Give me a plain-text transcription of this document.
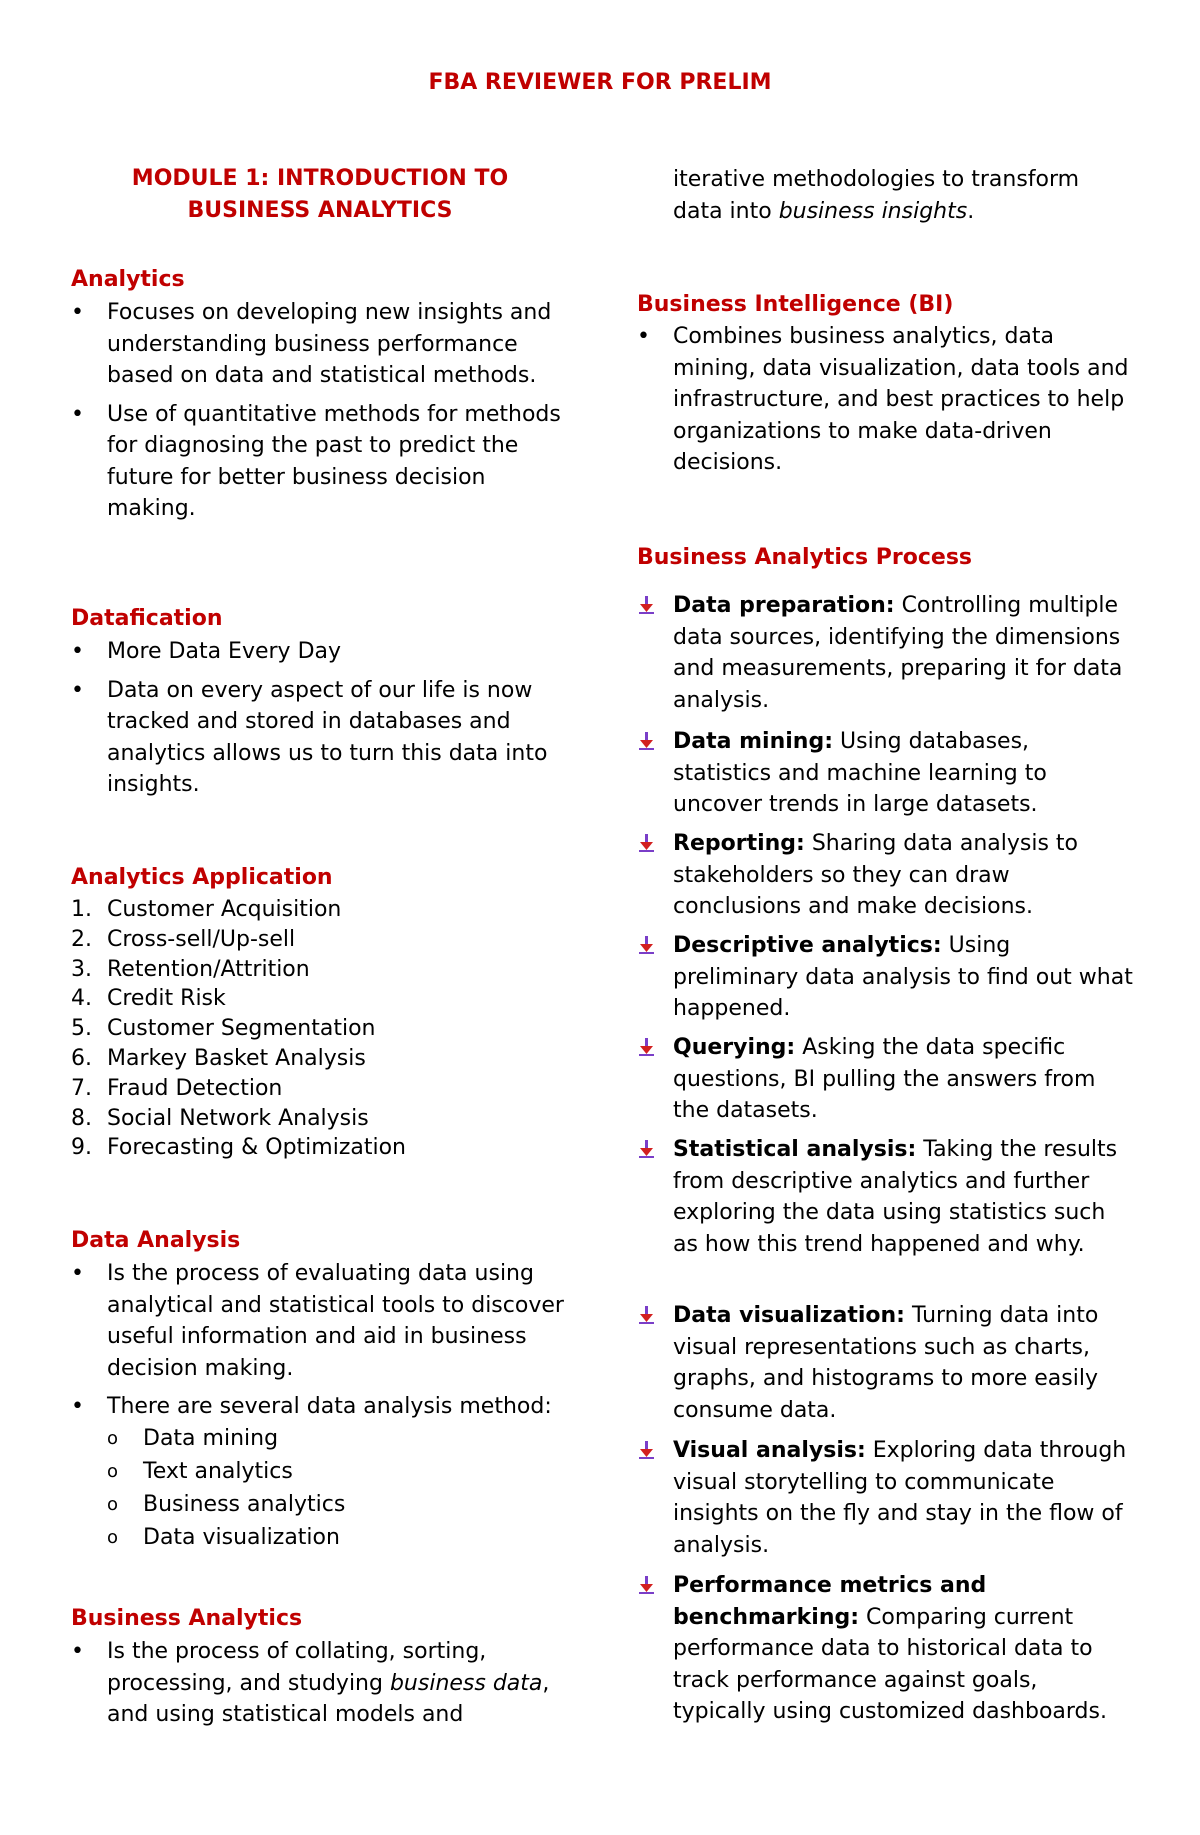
FBA REVIEWER FOR PRELIM
MODULE 1: INTRODUCTION TO
BUSINESS ANALYTICS
Analytics
• Focuses on developing new insights and understanding business performance based on data and statistical methods.
• Use of quantitative methods for methods for diagnosing the past to predict the future for better business decision making.
Datafication
• More Data Every Day
• Data on every aspect of our life is now tracked and stored in databases and analytics allows us to turn this data into insights.
Analytics Application
1. Customer Acquisition
2. Cross-sell/Up-sell
3. Retention/Attrition
4. Credit Risk
5. Customer Segmentation
6. Markey Basket Analysis
7. Fraud Detection
8. Social Network Analysis
9. Forecasting & Optimization
Data Analysis
• Is the process of evaluating data using analytical and statistical tools to discover useful information and aid in business decision making.
• There are several data analysis method:
o Data mining
o Text analytics
o Business analytics
o Data visualization
Business Analytics
• Is the process of collating, sorting, processing, and studying business data, and using statistical models and
iterative methodologies to transform data into business insights.
Business Intelligence (BI)
• Combines business analytics, data mining, data visualization, data tools and infrastructure, and best practices to help organizations to make data-driven decisions.
Business Analytics Process
Data preparation: Controlling multiple data sources, identifying the dimensions and measurements, preparing it for data analysis.
Data mining: Using databases, statistics and machine learning to uncover trends in large datasets.
Reporting: Sharing data analysis to stakeholders so they can draw conclusions and make decisions.
Descriptive analytics: Using preliminary data analysis to find out what happened.
Querying: Asking the data specific questions, BI pulling the answers from the datasets.
Statistical analysis: Taking the results from descriptive analytics and further exploring the data using statistics such as how this trend happened and why.
Data visualization: Turning data into visual representations such as charts, graphs, and histograms to more easily consume data.
Visual analysis: Exploring data through visual storytelling to communicate insights on the fly and stay in the flow of analysis.
Performance metrics and benchmarking: Comparing current performance data to historical data to track performance against goals, typically using customized dashboards.
